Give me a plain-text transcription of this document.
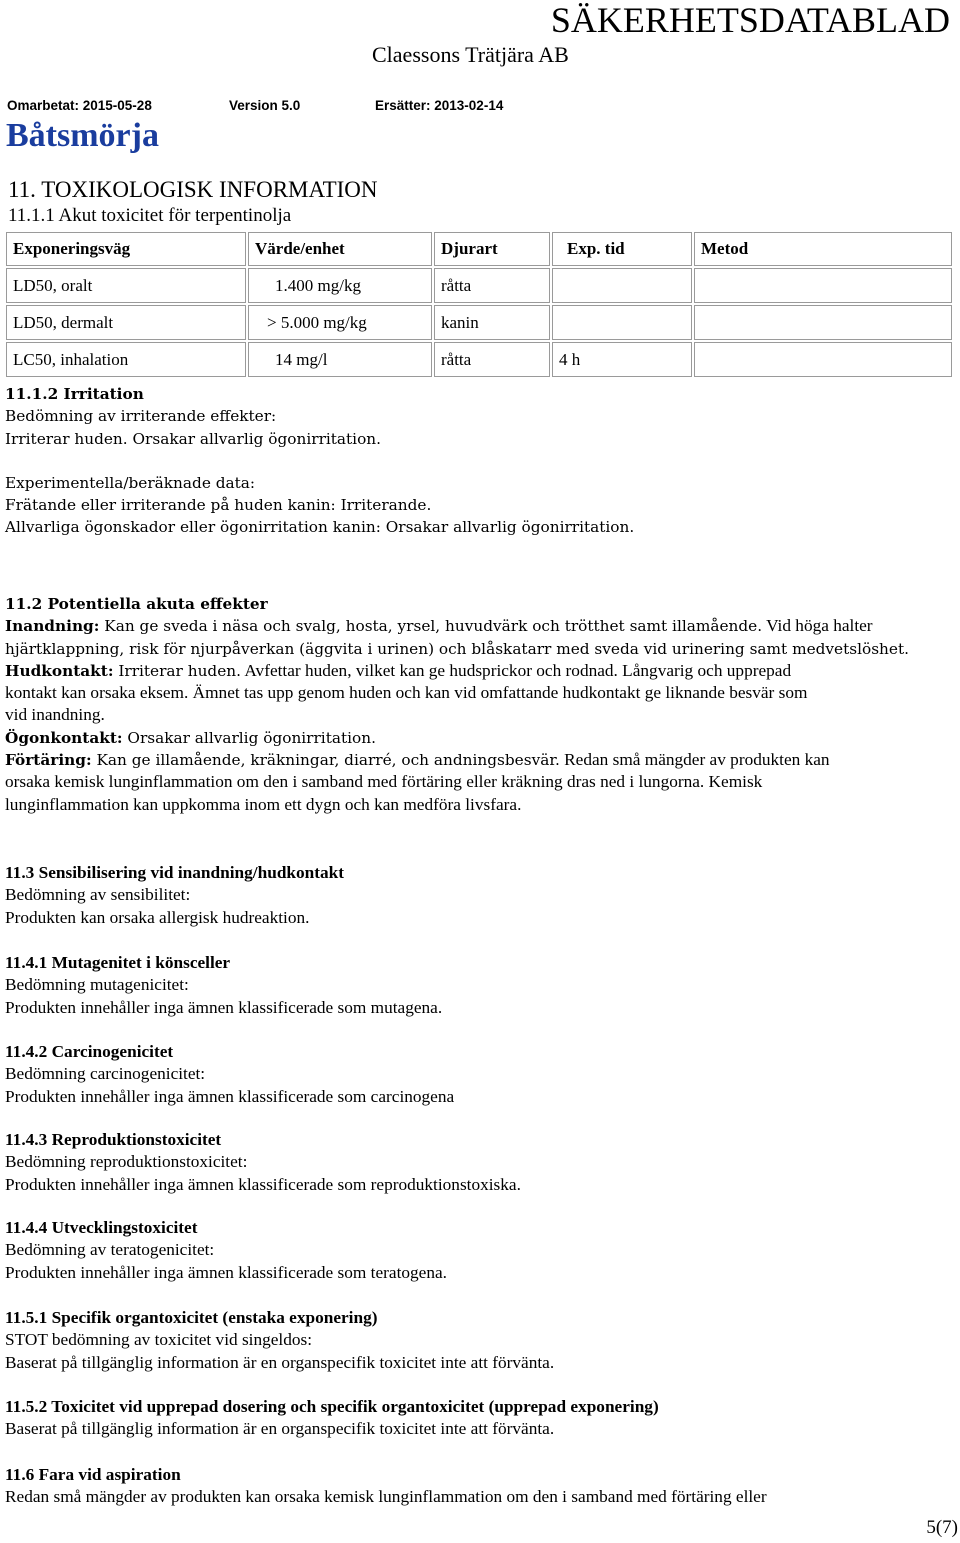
SÄKERHETSDATABLAD
Claessons Trätjära AB
Omarbetat: 2015-05-28	Version 5.0	Ersätter: 2013-02-14
Båtsmörja
11. TOXIKOLOGISK INFORMATION
11.1.1 Akut toxicitet för terpentinolja
Exponeringsväg	Värde/enhet	Djurart	Exp. tid	Metod
LD50, oralt	1.400 mg/kg	råtta		
LD50, dermalt	> 5.000 mg/kg	kanin		
LC50, inhalation	14 mg/l	råtta	4 h	

11.1.2 Irritation

Bedömning av irriterande effekter:

Irriterar huden. Orsakar allvarlig ögonirritation.

Experimentella/beräknade data:

Frätande eller irriterande på huden kanin: Irriterande.

Allvarliga ögonskador eller ögonirritation kanin: Orsakar allvarlig ögonirritation.

11.2 Potentiella akuta effekter

Inandning: Kan ge sveda i näsa och svalg, hosta, yrsel, huvudvärk och trötthet samt illamående. Vid höga halter

hjärtklappning, risk för njurpåverkan (äggvita i urinen) och blåskatarr med sveda vid urinering samt medvetslöshet.

Hudkontakt: Irriterar huden. Avfettar huden, vilket kan ge hudsprickor och rodnad. Långvarig och upprepad

kontakt kan orsaka eksem. Ämnet tas upp genom huden och kan vid omfattande hudkontakt ge liknande besvär som

vid inandning.

Ögonkontakt: Orsakar allvarlig ögonirritation.

Förtäring: Kan ge illamående, kräkningar, diarré, och andningsbesvär. Redan små mängder av produkten kan

orsaka kemisk lunginflammation om den i samband med förtäring eller kräkning dras ned i lungorna. Kemisk

lunginflammation kan uppkomma inom ett dygn och kan medföra livsfara.

11.3 Sensibilisering vid inandning/hudkontakt

Bedömning av sensibilitet:

Produkten kan orsaka allergisk hudreaktion.

11.4.1 Mutagenitet i könsceller

Bedömning mutagenicitet:

Produkten innehåller inga ämnen klassificerade som mutagena.

11.4.2 Carcinogenicitet

Bedömning carcinogenicitet:

Produkten innehåller inga ämnen klassificerade som carcinogena

11.4.3 Reproduktionstoxicitet

Bedömning reproduktionstoxicitet:

Produkten innehåller inga ämnen klassificerade som reproduktionstoxiska.

11.4.4 Utvecklingstoxicitet

Bedömning av teratogenicitet:

Produkten innehåller inga ämnen klassificerade som teratogena.

11.5.1 Specifik organtoxicitet (enstaka exponering)

STOT bedömning av toxicitet vid singeldos:

Baserat på tillgänglig information är en organspecifik toxicitet inte att förvänta.

11.5.2 Toxicitet vid upprepad dosering och specifik organtoxicitet (upprepad exponering)

Baserat på tillgänglig information är en organspecifik toxicitet inte att förvänta.

11.6 Fara vid aspiration

Redan små mängder av produkten kan orsaka kemisk lunginflammation om den i samband med förtäring eller

5(7)
